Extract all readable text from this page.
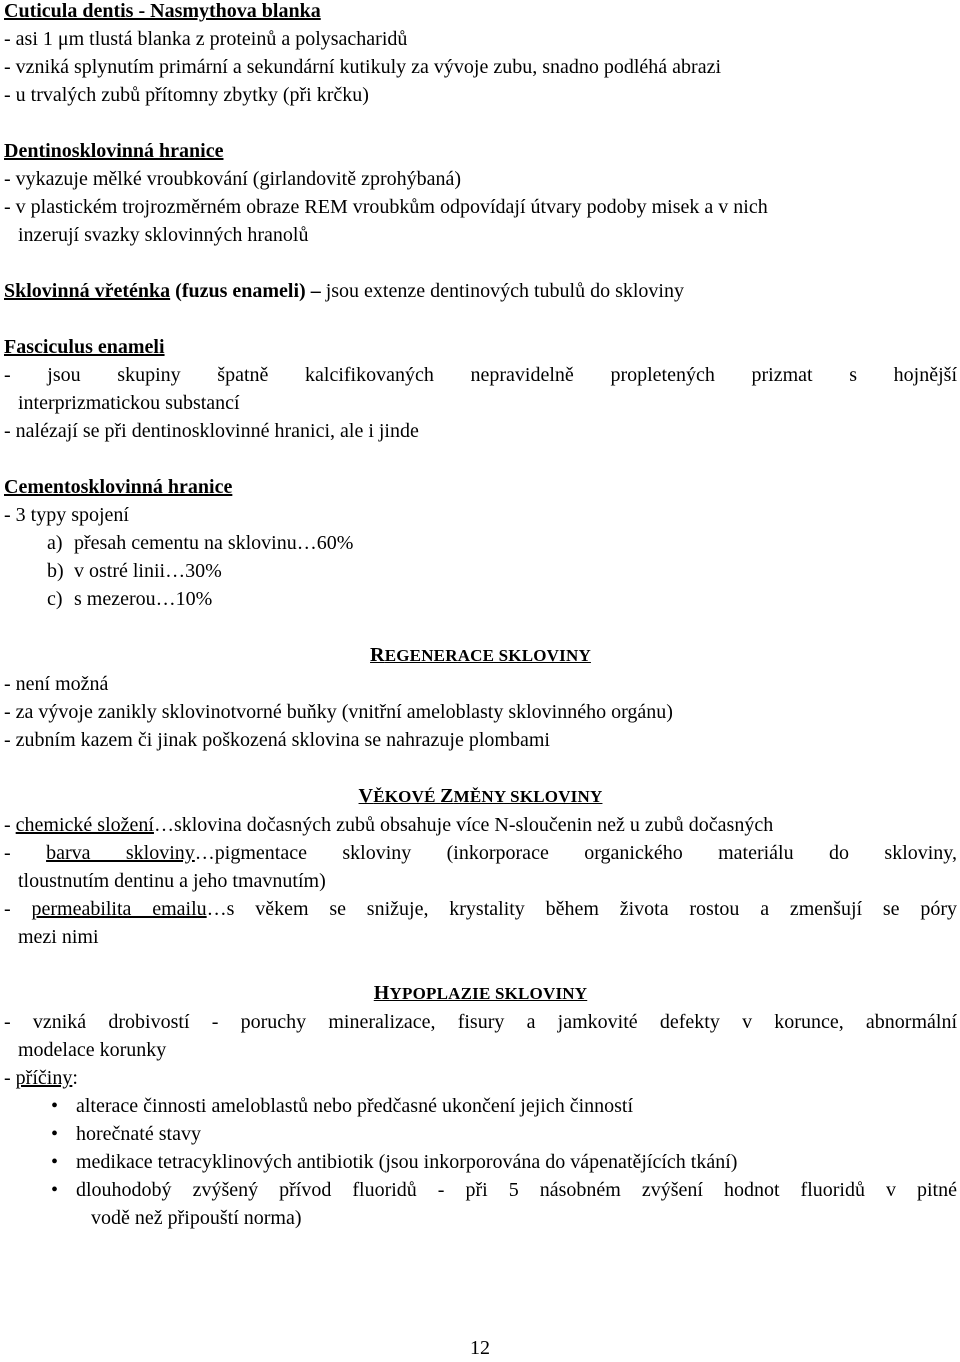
Cuticula dentis - Nasmythova blanka
- asi 1 μm tlustá blanka z proteinů a polysacharidů
- vzniká splynutím primární a sekundární kutikuly za vývoje zubu, snadno podléhá abrazi
- u trvalých zubů přítomny zbytky (při krčku)
Dentinosklovinná hranice
- vykazuje mělké vroubkování (girlandovitě zprohýbaná)
- v plastickém trojrozměrném obraze REM vroubkům odpovídají útvary podoby misek a v nich
inzerují svazky sklovinných hranolů
Sklovinná vřeténka (fuzus enameli) – jsou extenze dentinových tubulů do skloviny
Fasciculus enameli
- jsou skupiny špatně kalcifikovaných nepravidelně propletených prizmat s hojnější
interprizmatickou substancí
- nalézají se při dentinosklovinné hranici, ale i jinde
Cementosklovinná hranice
- 3 typy spojení
a) přesah cementu na sklovinu…60%
b) v ostré linii…30%
c) s mezerou…10%
REGENERACE SKLOVINY
- není možná
- za vývoje zanikly sklovinotvorné buňky (vnitřní ameloblasty sklovinného orgánu)
- zubním kazem či jinak poškozená sklovina se nahrazuje plombami
VĚKOVÉ ZMĚNY SKLOVINY
- chemické složení…sklovina dočasných zubů obsahuje více N-sloučenin než u zubů dočasných
- barva skloviny…pigmentace skloviny (inkorporace organického materiálu do skloviny,
tloustnutím dentinu a jeho tmavnutím)
- permeabilita emailu…s věkem se snižuje, krystality během života rostou a zmenšují se póry
mezi nimi
HYPOPLAZIE SKLOVINY
- vzniká drobivostí - poruchy mineralizace, fisury a jamkovité defekty v korunce, abnormální
modelace korunky
- příčiny:
• alterace činnosti ameloblastů nebo předčasné ukončení jejich činností
• horečnaté stavy
• medikace tetracyklinových antibiotik (jsou inkorporována do vápenatějících tkání)
• dlouhodobý zvýšený přívod fluoridů - při 5 násobném zvýšení hodnot fluoridů v pitné
vodě než připouští norma)
12
